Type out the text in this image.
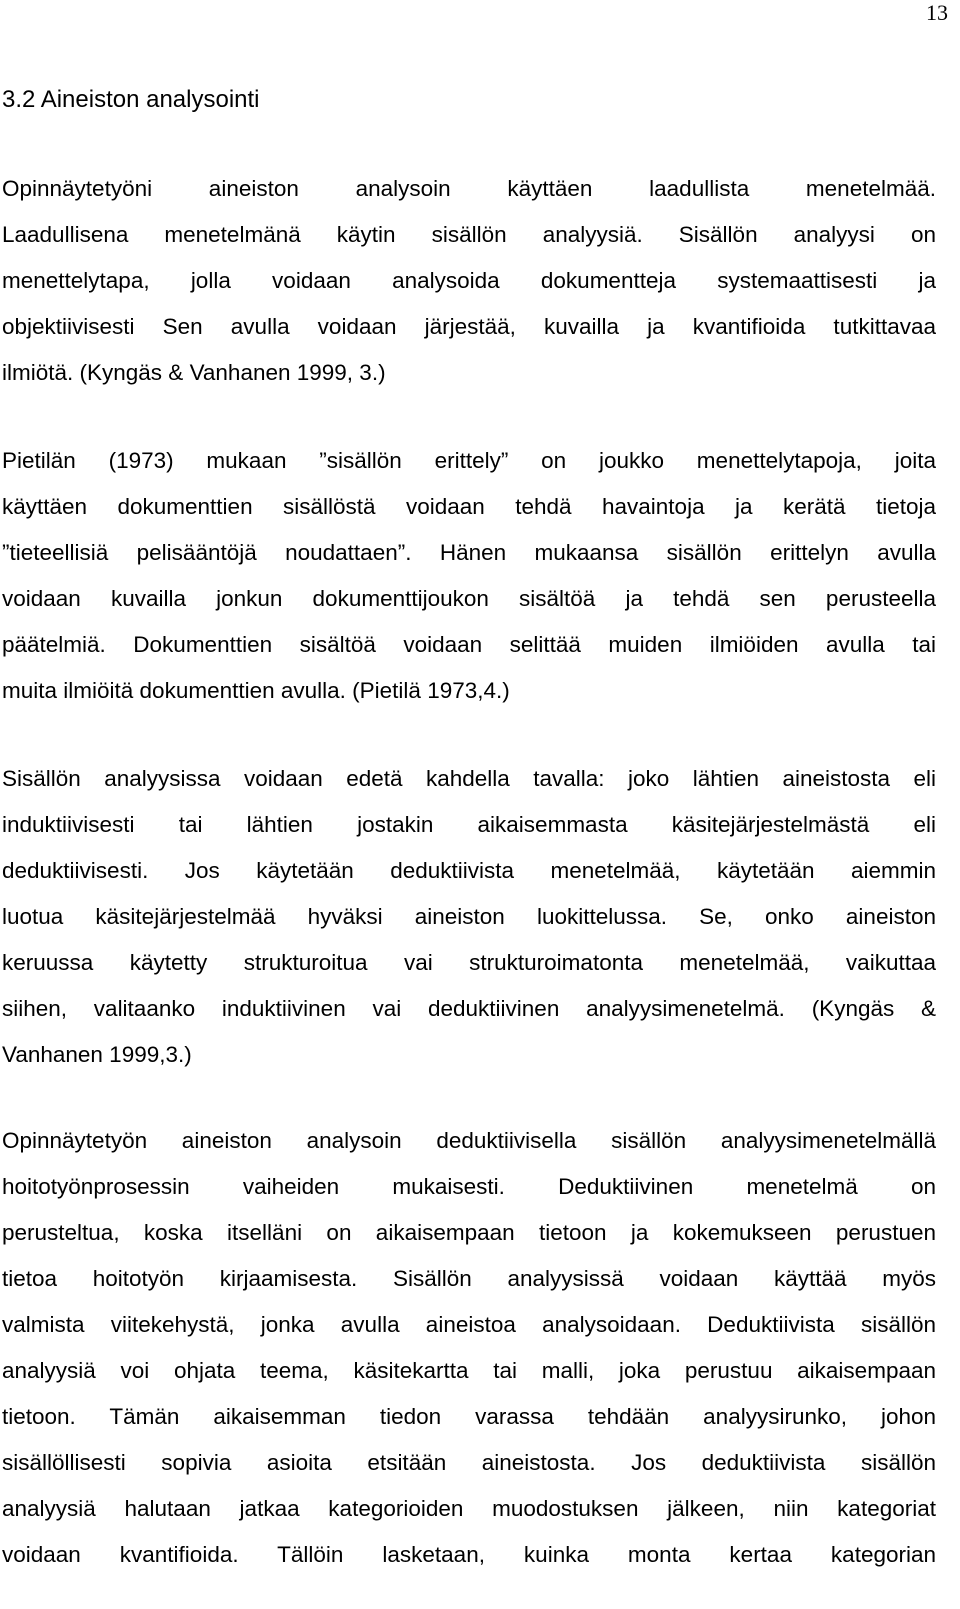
13
3.2 Aineiston analysointi
Opinnäytetyöni aineiston analysoin käyttäen laadullista menetelmää.
Laadullisena menetelmänä käytin sisällön analyysiä. Sisällön analyysi on
menettelytapa, jolla voidaan analysoida dokumentteja systemaattisesti ja
objektiivisesti Sen avulla voidaan järjestää, kuvailla ja kvantifioida tutkittavaa
ilmiötä. (Kyngäs & Vanhanen 1999, 3.)
Pietilän (1973) mukaan ”sisällön erittely” on joukko menettelytapoja, joita
käyttäen dokumenttien sisällöstä voidaan tehdä havaintoja ja kerätä tietoja
”tieteellisiä pelisääntöjä noudattaen”. Hänen mukaansa sisällön erittelyn avulla
voidaan kuvailla jonkun dokumenttijoukon sisältöä ja tehdä sen perusteella
päätelmiä. Dokumenttien sisältöä voidaan selittää muiden ilmiöiden avulla tai
muita ilmiöitä dokumenttien avulla. (Pietilä 1973,4.)
Sisällön analyysissa voidaan edetä kahdella tavalla: joko lähtien aineistosta eli
induktiivisesti tai lähtien jostakin aikaisemmasta käsitejärjestelmästä eli
deduktiivisesti. Jos käytetään deduktiivista menetelmää, käytetään aiemmin
luotua käsitejärjestelmää hyväksi aineiston luokittelussa. Se, onko aineiston
keruussa käytetty strukturoitua vai strukturoimatonta menetelmää, vaikuttaa
siihen, valitaanko induktiivinen vai deduktiivinen analyysimenetelmä. (Kyngäs &
Vanhanen 1999,3.)
Opinnäytetyön aineiston analysoin deduktiivisella sisällön analyysimenetelmällä
hoitotyönprosessin vaiheiden mukaisesti. Deduktiivinen menetelmä on
perusteltua, koska itselläni on aikaisempaan tietoon ja kokemukseen perustuen
tietoa hoitotyön kirjaamisesta. Sisällön analyysissä voidaan käyttää myös
valmista viitekehystä, jonka avulla aineistoa analysoidaan. Deduktiivista sisällön
analyysiä voi ohjata teema, käsitekartta tai malli, joka perustuu aikaisempaan
tietoon. Tämän aikaisemman tiedon varassa tehdään analyysirunko, johon
sisällöllisesti sopivia asioita etsitään aineistosta. Jos deduktiivista sisällön
analyysiä halutaan jatkaa kategorioiden muodostuksen jälkeen, niin kategoriat
voidaan kvantifioida. Tällöin lasketaan, kuinka monta kertaa kategorian
